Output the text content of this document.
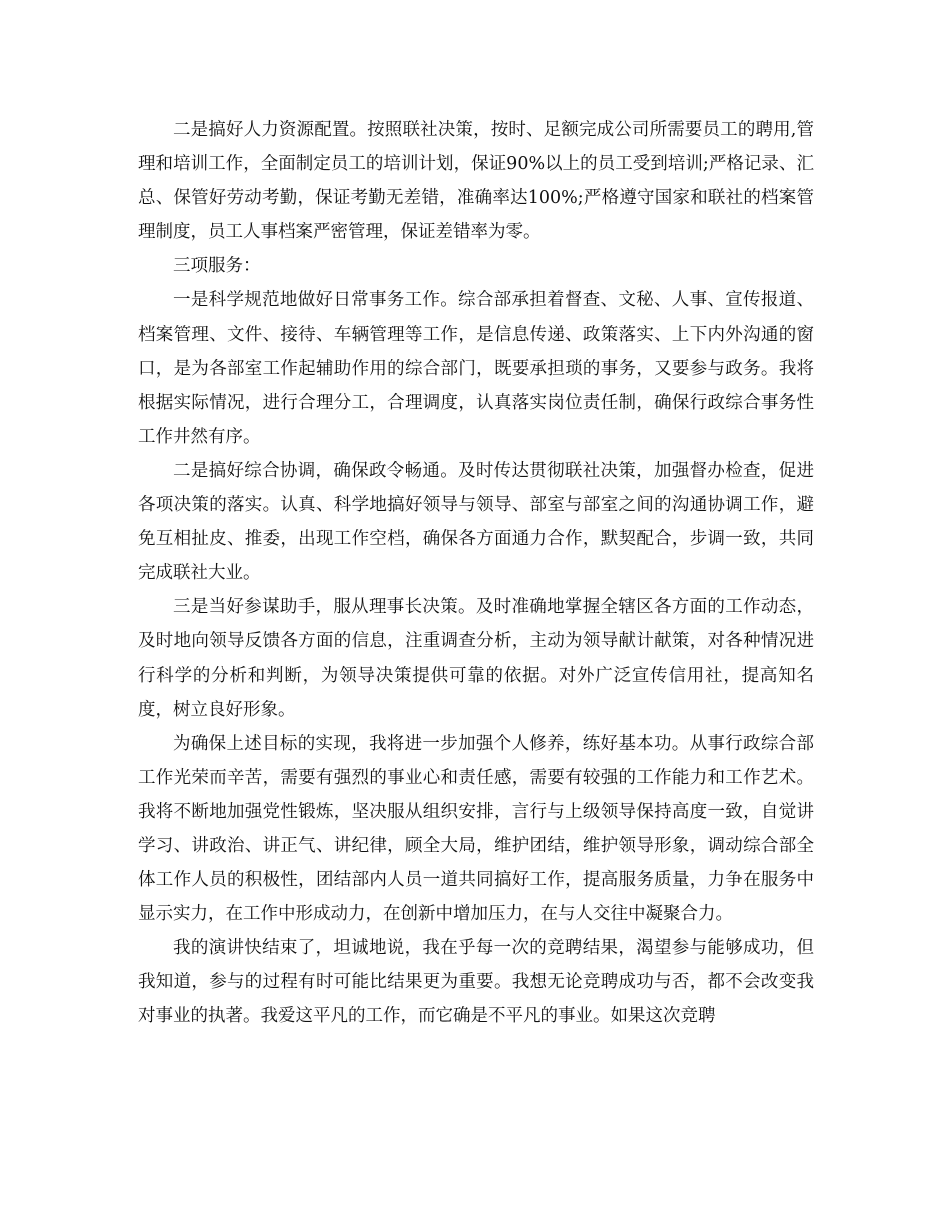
二是搞好人力资源配置。按照联社决策，按时、足额完成公司所需要员工的聘用,管理和培训工作，全面制定员工的培训计划，保证90%以上的员工受到培训;严格记录、汇总、保管好劳动考勤，保证考勤无差错，准确率达100%;严格遵守国家和联社的档案管理制度，员工人事档案严密管理，保证差错率为零。

三项服务：

一是科学规范地做好日常事务工作。综合部承担着督查、文秘、人事、宣传报道、档案管理、文件、接待、车辆管理等工作，是信息传递、政策落实、上下内外沟通的窗口，是为各部室工作起辅助作用的综合部门，既要承担琐的事务，又要参与政务。我将根据实际情况，进行合理分工，合理调度，认真落实岗位责任制，确保行政综合事务性工作井然有序。

二是搞好综合协调，确保政令畅通。及时传达贯彻联社决策，加强督办检查，促进各项决策的落实。认真、科学地搞好领导与领导、部室与部室之间的沟通协调工作，避免互相扯皮、推委，出现工作空档，确保各方面通力合作，默契配合，步调一致，共同完成联社大业。

三是当好参谋助手，服从理事长决策。及时准确地掌握全辖区各方面的工作动态，及时地向领导反馈各方面的信息，注重调查分析，主动为领导献计献策，对各种情况进行科学的分析和判断，为领导决策提供可靠的依据。对外广泛宣传信用社，提高知名度，树立良好形象。

为确保上述目标的实现，我将进一步加强个人修养，练好基本功。从事行政综合部工作光荣而辛苦，需要有强烈的事业心和责任感，需要有较强的工作能力和工作艺术。我将不断地加强党性锻炼，坚决服从组织安排，言行与上级领导保持高度一致，自觉讲学习、讲政治、讲正气、讲纪律，顾全大局，维护团结，维护领导形象，调动综合部全体工作人员的积极性，团结部内人员一道共同搞好工作，提高服务质量，力争在服务中显示实力，在工作中形成动力，在创新中增加压力，在与人交往中凝聚合力。

我的演讲快结束了，坦诚地说，我在乎每一次的竞聘结果，渴望参与能够成功，但我知道，参与的过程有时可能比结果更为重要。我想无论竞聘成功与否，都不会改变我对事业的执著。我爱这平凡的工作，而它确是不平凡的事业。如果这次竞聘
